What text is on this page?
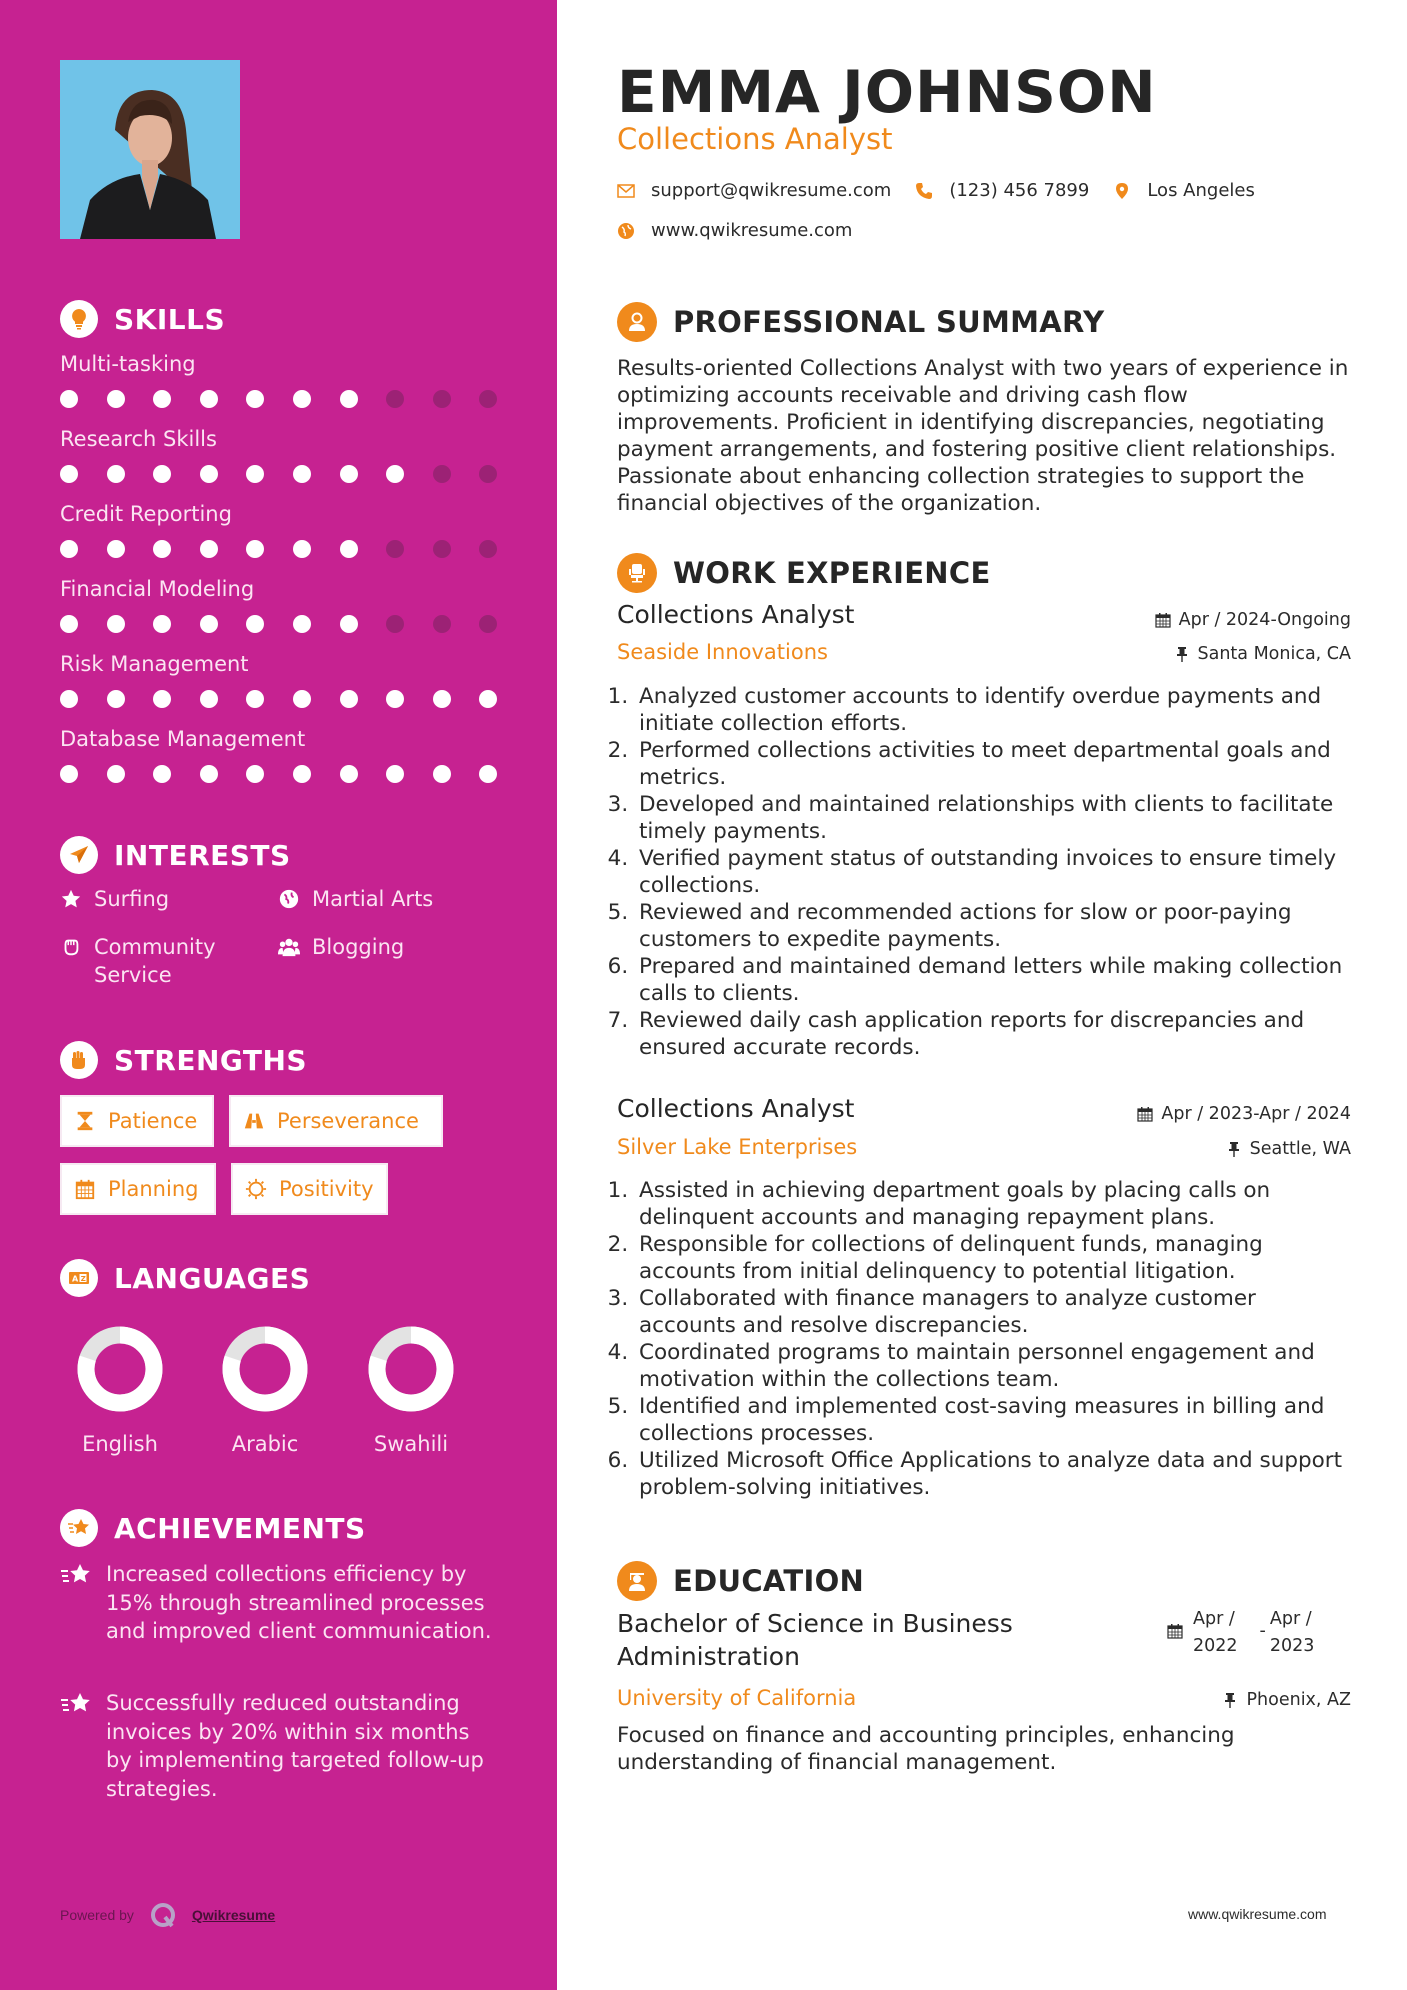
SKILLS
Multi-tasking
Research Skills
Credit Reporting
Financial Modeling
Risk Management
Database Management
INTERESTS
Surfing	Martial Arts
Community Service
Blogging
STRENGTHS
Patience	Perseverance
Planning	Positivity
A Z LANGUAGES
English	Arabic	Swahili
ACHIEVEMENTS
Increased collections efficiency by 15% through streamlined processes and improved client communication.
Successfully reduced outstanding invoices by 20% within six months by implementing targeted follow-up strategies.
Powered by	Qwikresume
EMMA JOHNSON
Collections Analyst
support@qwikresume.com	(123) 456 7899	Los Angeles
www.qwikresume.com
PROFESSIONAL SUMMARY
Results-oriented Collections Analyst with two years of experience in optimizing accounts receivable and driving cash flow improvements. Proficient in identifying discrepancies, negotiating payment arrangements, and fostering positive client relationships. Passionate about enhancing collection strategies to support the financial objectives of the organization.
WORK EXPERIENCE
Collections Analyst	Apr / 2024-Ongoing
Seaside Innovations	Santa Monica, CA
1. Analyzed customer accounts to identify overdue payments and initiate collection efforts.
2. Performed collections activities to meet departmental goals and metrics.
3. Developed and maintained relationships with clients to facilitate timely payments.
4. Verified payment status of outstanding invoices to ensure timely collections.
5. Reviewed and recommended actions for slow or poor-paying customers to expedite payments.
6. Prepared and maintained demand letters while making collection calls to clients.
7. Reviewed daily cash application reports for discrepancies and ensured accurate records.
Collections Analyst	Apr / 2023-Apr / 2024
Silver Lake Enterprises	Seattle, WA
1. Assisted in achieving department goals by placing calls on delinquent accounts and managing repayment plans.
2. Responsible for collections of delinquent funds, managing accounts from initial delinquency to potential litigation.
3. Collaborated with finance managers to analyze customer accounts and resolve discrepancies.
4. Coordinated programs to maintain personnel engagement and motivation within the collections team.
5. Identified and implemented cost-saving measures in billing and collections processes.
6. Utilized Microsoft Office Applications to analyze data and support problem-solving initiatives.
EDUCATION
Bachelor of Science in Business Administration
Apr /
2022
-
Apr /
2023
University of California	Phoenix, AZ
Focused on finance and accounting principles, enhancing understanding of financial management.
www.qwikresume.com
